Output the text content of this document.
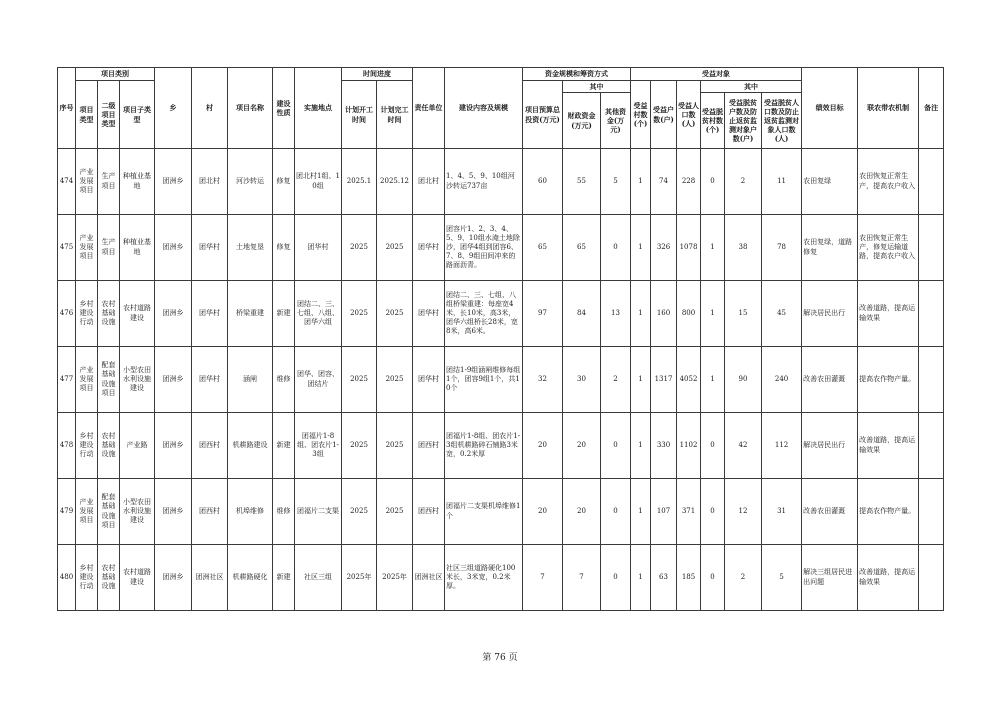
序号	项目类别			乡	村	项目名称	建设性质	实施地点	时间进度		责任单位	建设内容及规模	资金规模和筹资方式			受益对象						绩效目标	联农带农机制	备注
	项目类型	二级项目类型	项目子类型						计划开工时间	计划完工时间			项目预算总投资(万元)	其中		受益村数(个)	受益户数(户)	受益人口数(人)	其中					
														财政资金(万元)	其他资金(万元)				受益脱贫村数(个)	受益脱贫户数及防止返贫监测对象户数(户)	受益脱贫人口数及防止返贫监测对象人口数(人)			
474	产业发展项目	生产项目	种植业基地	团洲乡	团北村	河沙转运	修复	团北村1组、10组	2025.1	2025.12	团北村	1、4、5、9、10组河沙转运737亩	60	55	5	1	74	228	0	2	11	农田复绿	农田恢复正常生产，提高农户收入	
475	产业发展项目	生产项目	种植业基地	团洲乡	团华村	土地复垦	修复	团华村	2025	2025	团华村	团容片1、2、3、4、5、9、10组水淹土地除沙，团华4组到团容6、7、8、9组田间冲来的路面沥青。	65	65	0	1	326	1078	1	38	78	农田复绿，道路修复	农田恢复正常生产，修复运输道路，提高农户收入	
476	乡村建设行动	农村基础设施	农村道路建设	团洲乡	团华村	桥梁重建	新建	团结二、三、七组、八组、团华六组	2025	2025	团华村	团结二、三、七组、八组桥梁重建：每座宽4米，长10米，高3米，团华六组桥长28米，宽8米，高6米。	97	84	13	1	160	800	1	15	45	解决居民出行	改善道路，提高运输效果	
477	产业发展项目	配套基础设施项目	小型农田水利设施建设	团洲乡	团华村	涵闸	维修	团华、团容、团结片	2025	2025	团华村	团结1-9组涵闸维修每组1个，团容9组1个，共10个	32	30	2	1	1317	4052	1	90	240	改善农田灌溉	提高农作物产量。	
478	乡村建设行动	农村基础设施	产业路	团洲乡	团西村	机耕路建设	新建	团福片1-8组、团农片1-3组	2025	2025	团西村	团福片1-8组、团农片1-3组机耕路碎石铺路3米宽，0.2米厚	20	20	0	1	330	1102	0	42	112	解决居民出行	改善道路，提高运输效果	
479	产业发展项目	配套基础设施项目	小型农田水利设施建设	团洲乡	团西村	机埠维修	维修	团福片二支渠	2025	2025	团西村	团福片二支渠机埠维修1个	20	20	0	1	107	371	0	12	31	改善农田灌溉	提高农作物产量。	
480	乡村建设行动	农村基础设施	农村道路建设	团洲乡	团洲社区	机耕路硬化	新建	社区三组	2025年	2025年	团洲社区	社区三组道路硬化100米长，3米宽，0.2米厚。	7	7	0	1	63	185	0	2	5	解决三组居民进出问题	改善道路，提高运输效果	
第 76 页
